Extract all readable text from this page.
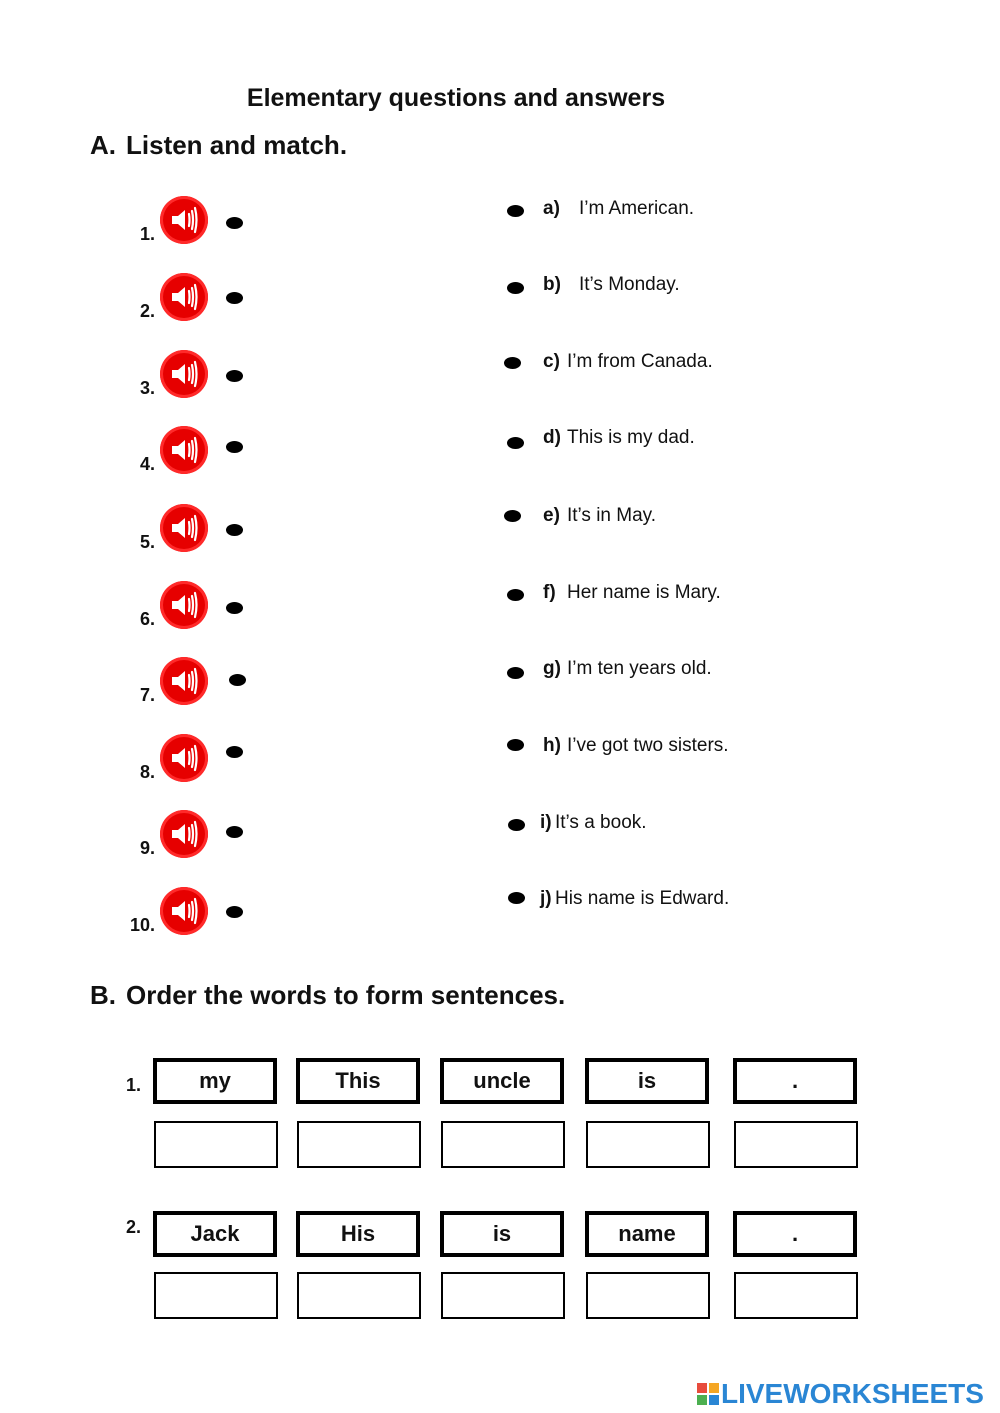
Elementary questions and answers
A. Listen and match.
1.
2.
3.
4.
5.
6.
7.
8.
9.
10.
a) I’m American.
b) It’s Monday.
c) I’m from Canada.
d) This is my dad.
e) It’s in May.
f) Her name is Mary.
g) I’m ten years old.
h) I’ve got two sisters.
i) It’s a book.
j) His name is Edward.
B. Order the words to form sentences.
1.	my	This	uncle	is	.
2.	Jack	His	is	name	.
LIVEWORKSHEETS
